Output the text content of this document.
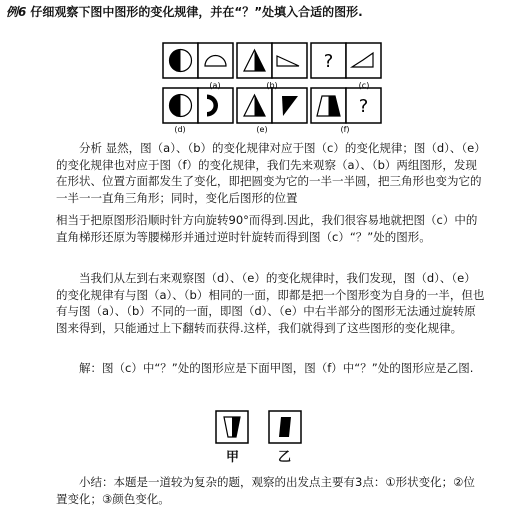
例6 仔细观察下图中图形的变化规律，并在“？”处填入合适的图形.
?
?
(a)	(b)	(c)
(d)	(e)	(f)
分析 显然，图（a）、（b）的变化规律对应于图（c）的变化规律；图（d）、（e）的变化规律也对应于图（f）的变化规律，我们先来观察（a）、（b）两组图形，发现在形状、位置方面都发生了变化，即把圆变为它的一半一半圆，把三角形也变为它的一半一一直角三角形；同时，变化后图形的位置
相当于把原图形沿顺时针方向旋转90°而得到.因此，我们很容易地就把图（c）中的直角梯形还原为等腰梯形并通过逆时针旋转而得到图（c）“？”处的图形。
当我们从左到右来观察图（d）、（e）的变化规律时，我们发现，图（d）、（e）的变化规律有与图（a）、（b）相同的一面，即都是把一个图形变为自身的一半，但也有与图（a）、（b）不同的一面，即图（d）、（e）中右半部分的图形无法通过旋转原图来得到，只能通过上下翻转而获得.这样，我们就得到了这些图形的变化规律。
解：图（c）中“？”处的图形应是下面甲图，图（f）中“？”处的图形应是乙图.
甲	乙
小结：本题是一道较为复杂的题，观察的出发点主要有3点：①形状变化；②位置变化；③颜色变化。
